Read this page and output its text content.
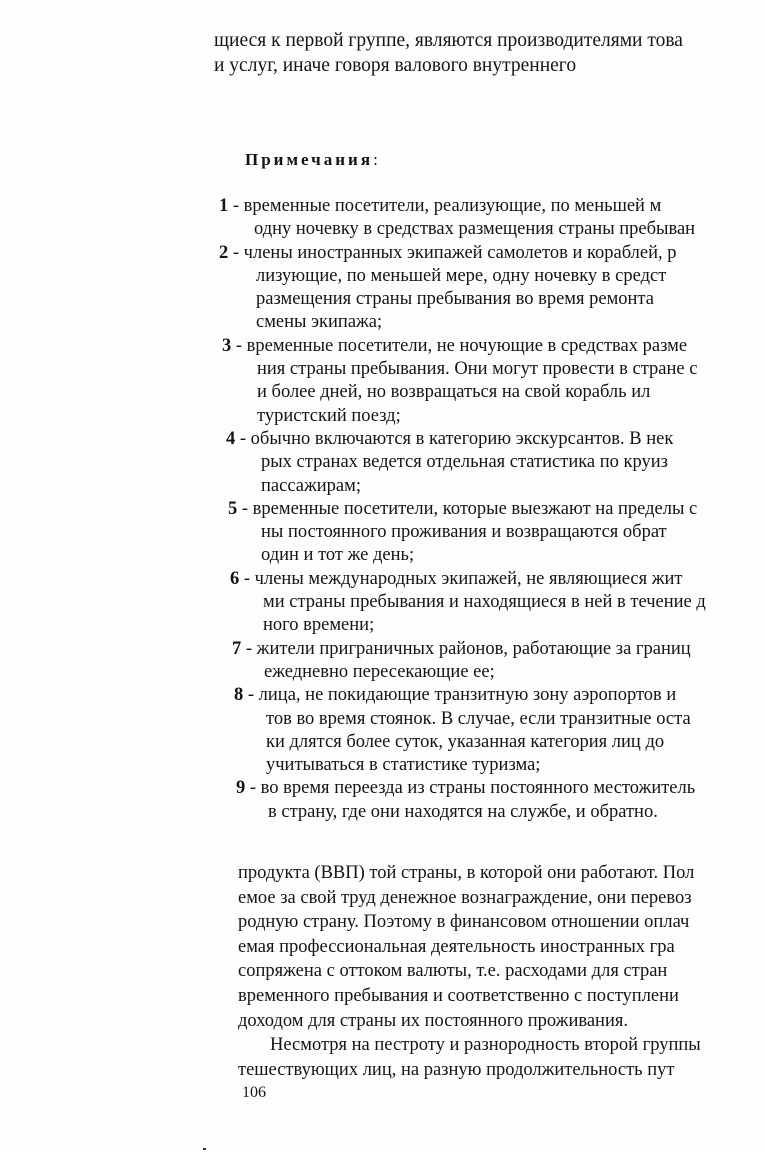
щиеся к первой группе, являются производителями това
и услуг, иначе говоря валового внутреннего
Примечания:
1 - временные посетители, реализующие, по меньшей м
одну ночевку в средствах размещения страны пребыван
2 - члены иностранных экипажей самолетов и кораблей, р
лизующие, по меньшей мере, одну ночевку в средст
размещения страны пребывания во время ремонта
смены экипажа;
3 - временные посетители, не ночующие в средствах разме
ния страны пребывания. Они могут провести в стране с
и более дней, но возвращаться на свой корабль ил
туристский поезд;
4 - обычно включаются в категорию экскурсантов. В нек
рых странах ведется отдельная статистика по круиз
пассажирам;
5 - временные посетители, которые выезжают на пределы с
ны постоянного проживания и возвращаются обрат
один и тот же день;
6 - члены международных экипажей, не являющиеся жит
ми страны пребывания и находящиеся в ней в течение д
ного времени;
7 - жители приграничных районов, работающие за границ
ежедневно пересекающие ее;
8 - лица, не покидающие транзитную зону аэропортов и
тов во время стоянок. В случае, если транзитные оста
ки длятся более суток, указанная категория лиц до
учитываться в статистике туризма;
9 - во время переезда из страны постоянного местожитель
в страну, где они находятся на службе, и обратно.
продукта (ВВП) той страны, в которой они работают. Пол
емое за свой труд денежное вознаграждение, они перевоз
родную страну. Поэтому в финансовом отношении оплач
емая профессиональная деятельность иностранных гра
сопряжена с оттоком валюты, т.е. расходами для стран
временного пребывания и соответственно с поступлени
доходом для страны их постоянного проживания.
Несмотря на пестроту и разнородность второй группы
тешествующих лиц, на разную продолжительность пут
106
